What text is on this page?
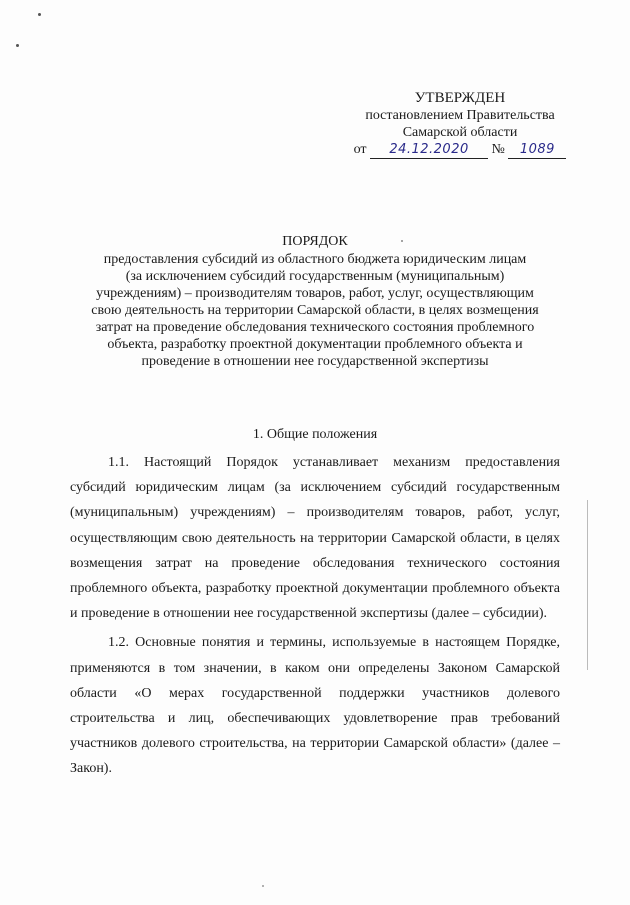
УТВЕРЖДЕН
постановлением Правительства
Самарской области
от 24.12.2020 № 1089
ПОРЯДОК
предоставления субсидий из областного бюджета юридическим лицам
(за исключением субсидий государственным (муниципальным)
учреждениям) – производителям товаров, работ, услуг, осуществляющим
свою деятельность на территории Самарской области, в целях возмещения
затрат на проведение обследования технического состояния проблемного
объекта, разработку проектной документации проблемного объекта и
проведение в отношении нее государственной экспертизы
1. Общие положения

1.1. Настоящий Порядок устанавливает механизм предоставления субсидий юридическим лицам (за исключением субсидий государственным (муниципальным) учреждениям) – производителям товаров, работ, услуг, осуществляющим свою деятельность на территории Самарской области, в целях возмещения затрат на проведение обследования технического состояния проблемного объекта, разработку проектной документации проблемного объекта и проведение в отношении нее государственной экспертизы (далее – субсидии).

1.2. Основные понятия и термины, используемые в настоящем Порядке, применяются в том значении, в каком они определены Законом Самарской области «О мерах государственной поддержки участников долевого строительства и лиц, обеспечивающих удовлетворение прав требований участников долевого строительства, на территории Самарской области» (далее – Закон).
